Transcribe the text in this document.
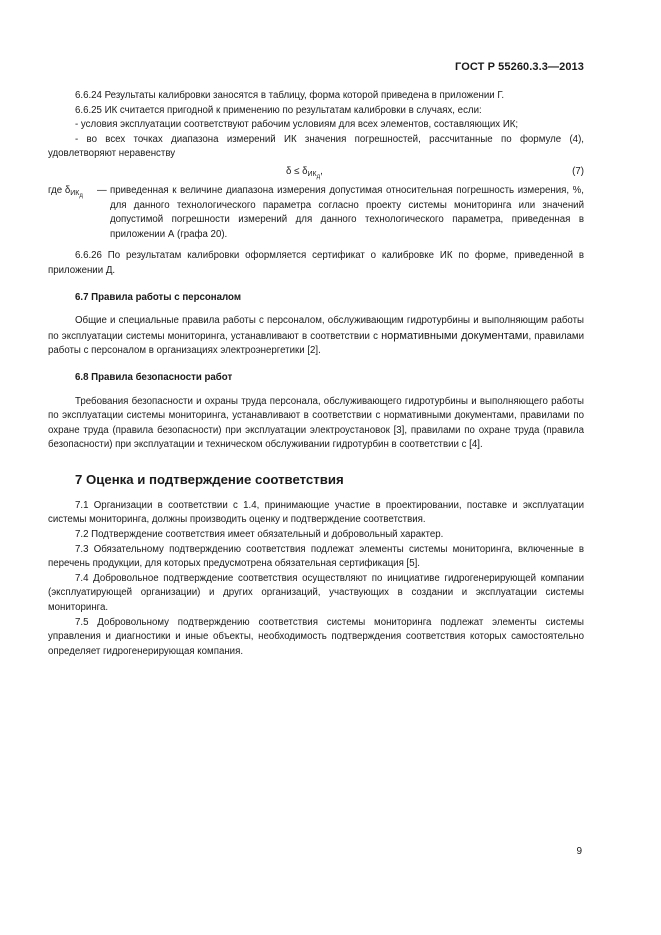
ГОСТ Р 55260.3.3—2013

6.6.24 Результаты калибровки заносятся в таблицу, форма которой приведена в приложении Г.

6.6.25 ИК считается пригодной к применению по результатам калибровки в случаях, если:

- условия эксплуатации соответствуют рабочим условиям для всех элементов, составляющих ИК;

- во всех точках диапазона измерений ИК значения погрешностей, рассчитанные по формуле (4), удовлетворяют неравенству

$\delta \le \delta_{ИК_д}$,	(7)
где $\delta_{ИК_д}$	— приведенная к величине диапазона измерения допустимая относительная погрешность измерения, %, для данного технологического параметра согласно проекту системы мониторинга или значений допустимой погрешности измерений для данного технологического параметра, приведенная в приложении А (графа 20).

6.6.26 По результатам калибровки оформляется сертификат о калибровке ИК по форме, приведенной в приложении Д.

6.7 Правила работы с персоналом

Общие и специальные правила работы с персоналом, обслуживающим гидротурбины и выполняющим работы по эксплуатации системы мониторинга, устанавливают в соответствии с нормативными документами, правилами работы с персоналом в организациях электроэнергетики [2].

6.8 Правила безопасности работ

Требования безопасности и охраны труда персонала, обслуживающего гидротурбины и выполняющего работы по эксплуатации системы мониторинга, устанавливают в соответствии с нормативными документами, правилами по охране труда (правила безопасности) при эксплуатации электроустановок [3], правилами по охране труда (правила безопасности) при эксплуатации и техническом обслуживании гидротурбин в соответствии с [4].

7 Оценка и подтверждение соответствия

7.1 Организации в соответствии с 1.4, принимающие участие в проектировании, поставке и эксплуатации системы мониторинга, должны производить оценку и подтверждение соответствия.

7.2 Подтверждение соответствия имеет обязательный и добровольный характер.

7.3 Обязательному подтверждению соответствия подлежат элементы системы мониторинга, включенные в перечень продукции, для которых предусмотрена обязательная сертификация [5].

7.4 Добровольное подтверждение соответствия осуществляют по инициативе гидрогенерирующей компании (эксплуатирующей организации) и других организаций, участвующих в создании и эксплуатации системы мониторинга.

7.5 Добровольному подтверждению соответствия системы мониторинга подлежат элементы системы управления и диагностики и иные объекты, необходимость подтверждения соответствия которых самостоятельно определяет гидрогенерирующая компания.

9
